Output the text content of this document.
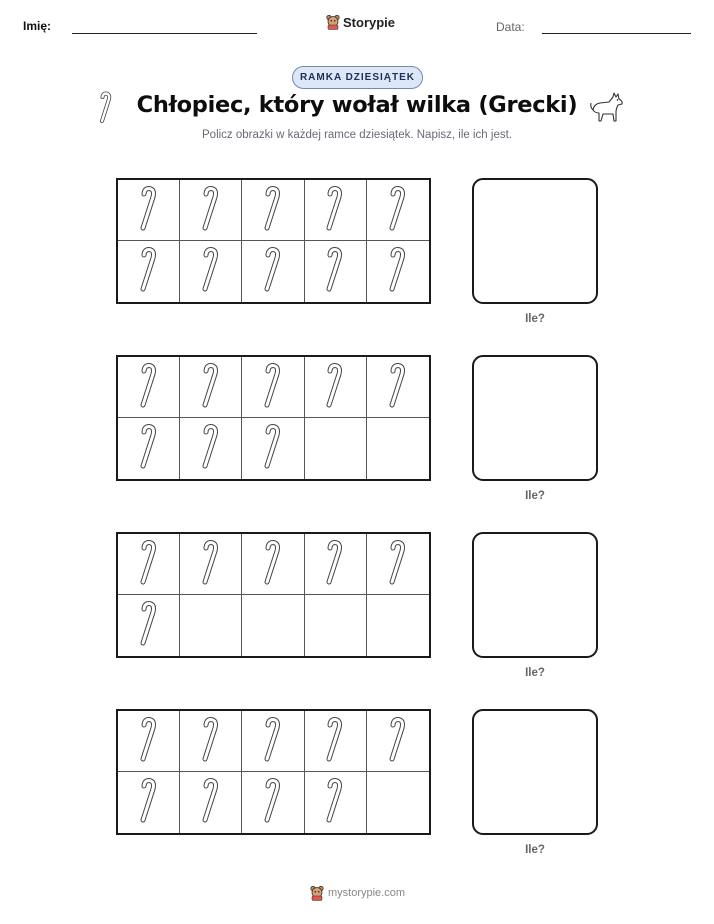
Imię:	Storypie	Data:
RAMKA DZIESIĄTEK
Chłopiec, który wołał wilka (Grecki)
Policz obrazki w każdej ramce dziesiątek. Napisz, ile ich jest.
Ile?
Ile?
Ile?
Ile?
mystorypie.com
